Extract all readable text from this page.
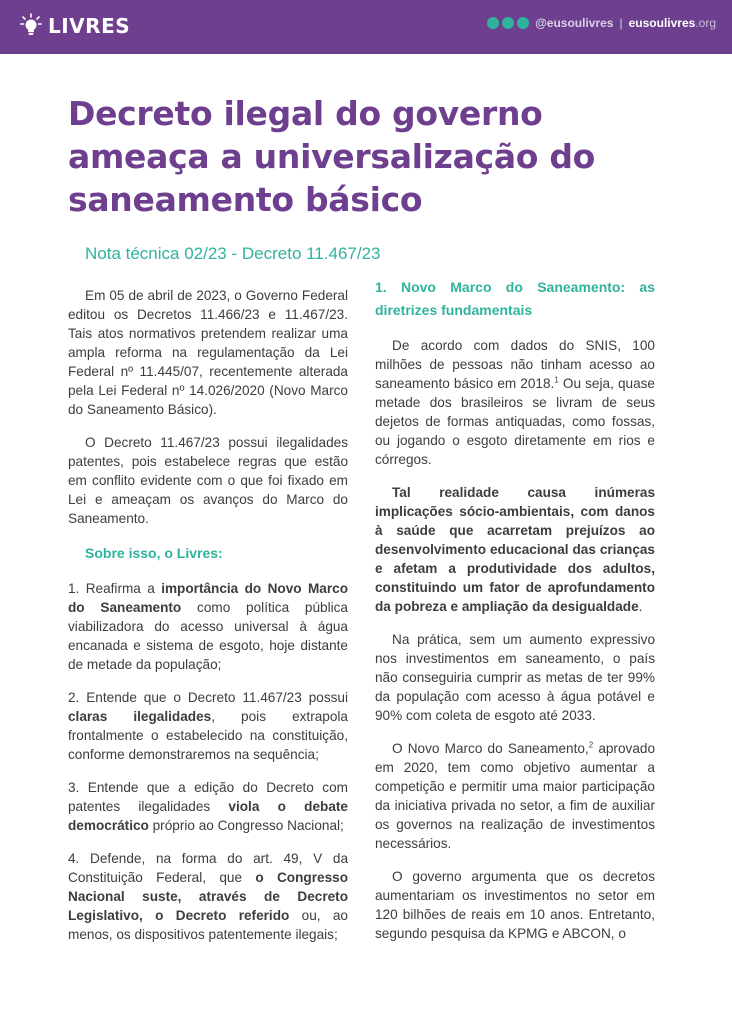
LIVRES	@eusoulivres | eusoulivres.org
Decreto ilegal do governo ameaça a universalização do saneamento básico
Nota técnica 02/23 - Decreto 11.467/23

Em 05 de abril de 2023, o Governo Federal editou os Decretos 11.466/23 e 11.467/23. Tais atos normativos pretendem realizar uma ampla reforma na regulamentação da Lei Federal nº 11.445/07, recentemente alterada pela Lei Federal nº 14.026/2020 (Novo Marco do Saneamento Básico).

O Decreto 11.467/23 possui ilegalidades patentes, pois estabelece regras que estão em conflito evidente com o que foi fixado em Lei e ameaçam os avanços do Marco do Saneamento.

Sobre isso, o Livres:

1. Reafirma a importância do Novo Marco do Saneamento como política pública viabilizadora do acesso universal à água encanada e sistema de esgoto, hoje distante de metade da população;

2. Entende que o Decreto 11.467/23 possui claras ilegalidades, pois extrapola frontalmente o estabelecido na constituição, conforme demonstraremos na sequência;

3. Entende que a edição do Decreto com patentes ilegalidades viola o debate democrático próprio ao Congresso Nacional;

4. Defende, na forma do art. 49, V da Constituição Federal, que o Congresso Nacional suste, através de Decreto Legislativo, o Decreto referido ou, ao menos, os dispositivos patentemente ilegais;

1. Novo Marco do Saneamento: as diretrizes fundamentais

De acordo com dados do SNIS, 100 milhões de pessoas não tinham acesso ao saneamento básico em 2018.$^1$ Ou seja, quase metade dos brasileiros se livram de seus dejetos de formas antiquadas, como fossas, ou jogando o esgoto diretamente em rios e córregos.

Tal realidade causa inúmeras implicações sócio-ambientais, com danos à saúde que acarretam prejuízos ao desenvolvimento educacional das crianças e afetam a produtividade dos adultos, constituindo um fator de aprofundamento da pobreza e ampliação da desigualdade.

Na prática, sem um aumento expressivo nos investimentos em saneamento, o país não conseguiria cumprir as metas de ter 99% da população com acesso à água potável e 90% com coleta de esgoto até 2033.

O Novo Marco do Saneamento,$^2$ aprovado em 2020, tem como objetivo aumentar a competição e permitir uma maior participação da iniciativa privada no setor, a fim de auxiliar os governos na realização de investimentos necessários.

O governo argumenta que os decretos aumentariam os investimentos no setor em 120 bilhões de reais em 10 anos. Entretanto, segundo pesquisa da KPMG e ABCON, o
